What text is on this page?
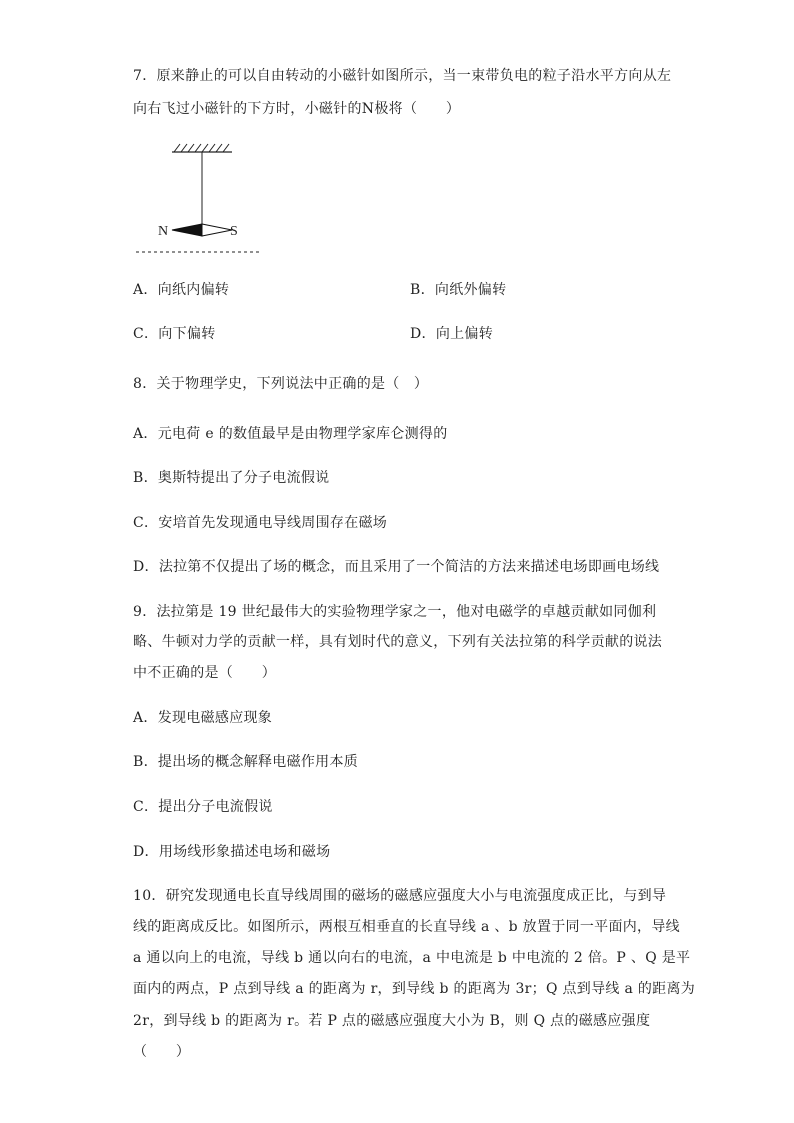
7．原来静止的可以自由转动的小磁针如图所示，当一束带负电的粒子沿水平方向从左
向右飞过小磁针的下方时，小磁针的N极将（　　）
N	S
A．向纸内偏转	B．向纸外偏转
C．向下偏转	D．向上偏转
8．关于物理学史，下列说法中正确的是（　）
A．元电荷 e 的数值最早是由物理学家库仑测得的
B．奥斯特提出了分子电流假说
C．安培首先发现通电导线周围存在磁场
D．法拉第不仅提出了场的概念，而且采用了一个简洁的方法来描述电场即画电场线
9．法拉第是 19 世纪最伟大的实验物理学家之一，他对电磁学的卓越贡献如同伽利
略、牛顿对力学的贡献一样，具有划时代的意义，下列有关法拉第的科学贡献的说法
中不正确的是（　　）
A．发现电磁感应现象
B．提出场的概念解释电磁作用本质
C．提出分子电流假说
D．用场线形象描述电场和磁场
10．研究发现通电长直导线周围的磁场的磁感应强度大小与电流强度成正比，与到导
线的距离成反比。如图所示，两根互相垂直的长直导线 a 、b 放置于同一平面内，导线
a 通以向上的电流，导线 b 通以向右的电流，a 中电流是 b 中电流的 2 倍。P 、Q 是平
面内的两点，P 点到导线 a 的距离为 r，到导线 b 的距离为 3r；Q 点到导线 a 的距离为
2r，到导线 b 的距离为 r。若 P 点的磁感应强度大小为 B，则 Q 点的磁感应强度
（　　）
